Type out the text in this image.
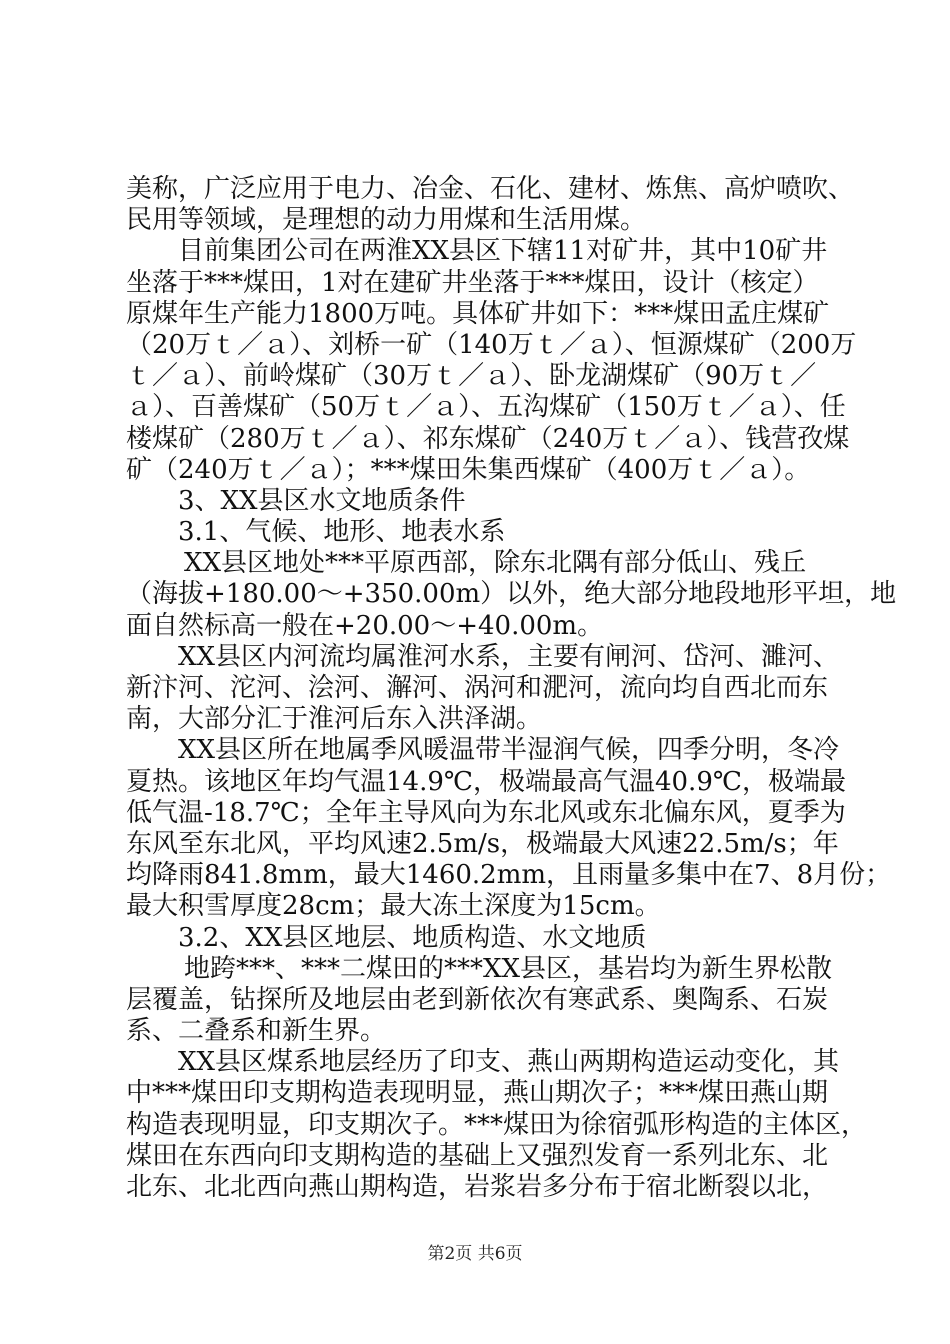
美称，广泛应用于电力、冶金、石化、建材、炼焦、高炉喷吹、
民用等领域，是理想的动力用煤和生活用煤。
目前集团公司在两淮XX县区下辖11对矿井，其中10矿井
坐落于***煤田，1对在建矿井坐落于***煤田，设计（核定）
原煤年生产能力1800万吨。具体矿井如下：***煤田孟庄煤矿
（20万ｔ／ａ）、刘桥一矿（140万ｔ／ａ）、恒源煤矿（200万
ｔ／ａ）、前岭煤矿（30万ｔ／ａ）、卧龙湖煤矿（90万ｔ／
ａ）、百善煤矿（50万ｔ／ａ）、五沟煤矿（150万ｔ／ａ）、任
楼煤矿（280万ｔ／ａ）、祁东煤矿（240万ｔ／ａ）、钱营孜煤
矿（240万ｔ／ａ）；***煤田朱集西煤矿（400万ｔ／ａ）。
3、XX县区水文地质条件
3.1、气候、地形、地表水系
XX县区地处***平原西部，除东北隅有部分低山、残丘
（海拔+180.00～+350.00m）以外，绝大部分地段地形平坦，地
面自然标高一般在+20.00～+40.00m。
XX县区内河流均属淮河水系，主要有闸河、岱河、濉河、
新汴河、沱河、浍河、澥河、涡河和淝河，流向均自西北而东
南，大部分汇于淮河后东入洪泽湖。
XX县区所在地属季风暖温带半湿润气候，四季分明，冬冷
夏热。该地区年均气温14.9℃，极端最高气温40.9℃，极端最
低气温-18.7℃；全年主导风向为东北风或东北偏东风，夏季为
东风至东北风，平均风速2.5m/s，极端最大风速22.5m/s；年
均降雨841.8mm，最大1460.2mm，且雨量多集中在7、8月份；
最大积雪厚度28cm；最大冻土深度为15cm。
3.2、XX县区地层、地质构造、水文地质
地跨***、***二煤田的***XX县区，基岩均为新生界松散
层覆盖，钻探所及地层由老到新依次有寒武系、奥陶系、石炭
系、二叠系和新生界。
XX县区煤系地层经历了印支、燕山两期构造运动变化，其
中***煤田印支期构造表现明显，燕山期次子；***煤田燕山期
构造表现明显，印支期次子。***煤田为徐宿弧形构造的主体区，
煤田在东西向印支期构造的基础上又强烈发育一系列北东、北
北东、北北西向燕山期构造，岩浆岩多分布于宿北断裂以北，
第2页 共6页
